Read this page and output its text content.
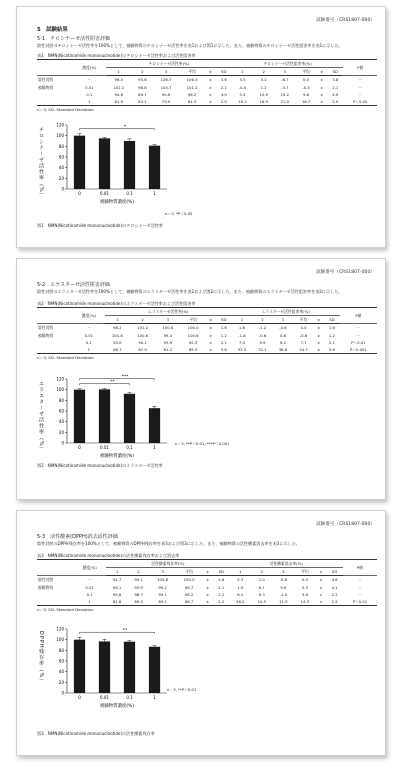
試験番号（CRS1807-000）
5　試験結果
5-1　チロシナーゼ活性阻害評価
陰性対照のチロシナーゼ活性率を100%として、被験物質のチロシナーゼ活性率を表1および図1に示した。また、被験物質のチロシナーゼ活性阻害率を表1に示した。
表1　NMN(Nicotinamide mononucleotide)のチロシナーゼ活性率および活性阻害率
	濃度(%)	チロシナーゼ活性率(%)						チロシナーゼ活性阻害率(%)						P値
		1	2	3	平均	±	SD	1	2	3	平均	±	SD	
陰性対照	－	96.5	95.8	126.7	106.3	±	3.6	3.5	3.2	-6.7	0.0	±	3.8	－
被験物質	0.01	101.1	98.8	103.7	101.2	±	2.1	-0.5	1.2	-3.7	-0.5	±	2.1	－
	0.1	94.6	89.1	90.8	96.2	±	4.0	5.4	10.9	15.2	9.8	±	4.0	－
	1	81.9	83.1	79.0	81.3	±	2.0	18.1	16.9	21.0	18.7	±	2.0	P＜0.05
n＝3, SD: Standard Deviation
チロシナーゼ活性率（%）	0
20
40
60
80
100
120
0	0.01	0.1	1
被験物質濃度(%)
*
n＝3, *P＜0.05
図1　NMN(Nicotinamide mononucleotide)のチロシナーゼ活性率
試験番号（CRS1807-000）
5-2　エラスターゼ活性阻害評価
陰性対照のエラスターゼ活性率を100%として、被験物質のエラスターゼ活性率を表2および図2に示した。また、被験物質のエラスターゼ活性阻害率を表2に示した。
表2　NMN(Nicotinamide mononucleotide)のエラスターゼ活性率および活性阻害率
	濃度(%)	エラスターゼ活性率(%)						エラスターゼ活性阻害率(%)						P値
		1	2	3	平均	±	SD	1	2	3	平均	±	SD	
陰性対照	－	98.2	101.2	100.6	100.0	±	1.6	1.8	-1.2	-0.6	0.0	±	1.6	－
被験物質	0.01	101.8	100.6	99.4	100.6	±	1.2	-1.8	-0.6	0.6	-0.6	±	1.2	－
	0.1	93.0	90.1	93.9	92.3	±	2.1	7.0	9.9	6.1	7.7	±	2.1	P＜0.01
	1	66.7	67.9	61.2	65.3	±	3.6	33.3	32.1	38.8	34.7	±	3.6	P＜0.001
n＝3, SD: Standard Deviation
エラスターゼ活性率（%）	0
20
40
60
80
100
120
0	0.01	0.1	1
被験物質濃度(%)
**
***
n＝3, **P＜0.01, ***P＜0.001
図2　NMN(Nicotinamide mononucleotide)のエラスターゼ活性率
試験番号（CRS1807-000）
5-3　活性酸素(DPPH)消去活性評価
陰性対照のDPPH残存率を100%として、被験物質のDPPH残存率を表3および図3に示した。また、被験物質の活性酸素消去率を表3に示した。
表3　NMN(Nicotinamide mononucleotide)の活性酸素残存率および消去率
	濃度(%)	活性酸素残存率(%)						活性酸素消去率(%)						P値
		1	2	3	平均	±	SD	1	2	3	平均	±	SD	
陰性対照	－	94.7	99.1	105.8	100.0	±	4.6	5.3	1.0	-5.8	0.0	±	4.6	－
被験物質	0.01	96.1	93.9	99.2	96.7	±	4.1	1.5	6.1	9.9	5.3	±	4.1	－
	0.1	95.8	96.7	99.1	96.2	±	2.2	8.2	9.3	-1.9	3.8	±	2.2	－
	1	81.8	89.3	89.1	86.7	±	2.2	16.2	10.5	11.9	14.3	±	2.2	P＜0.01
n＝3, SD: Standard Deviation
DPPH残存率（%）
0
20
40
60
80
100
120
0	0.01	0.1	1
被験物質濃度(%)
**
n＝3, **P＜0.01
図3　NMN(Nicotinamide mononucleotide)の活性酸素残存率
